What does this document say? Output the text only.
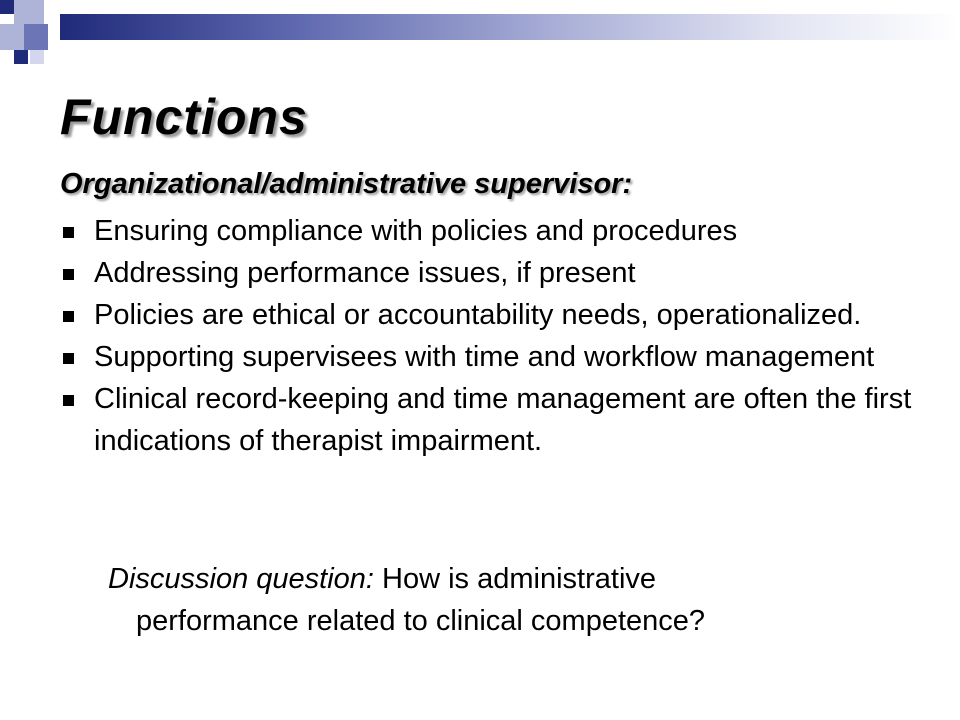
Functions
Organizational/administrative supervisor:
Ensuring compliance with policies and procedures
Addressing performance issues, if present
Policies are ethical or accountability needs, operationalized.
Supporting supervisees with time and workflow management
Clinical record-keeping and time management are often the first indications of therapist impairment.
Discussion question: How is administrative
performance related to clinical competence?
